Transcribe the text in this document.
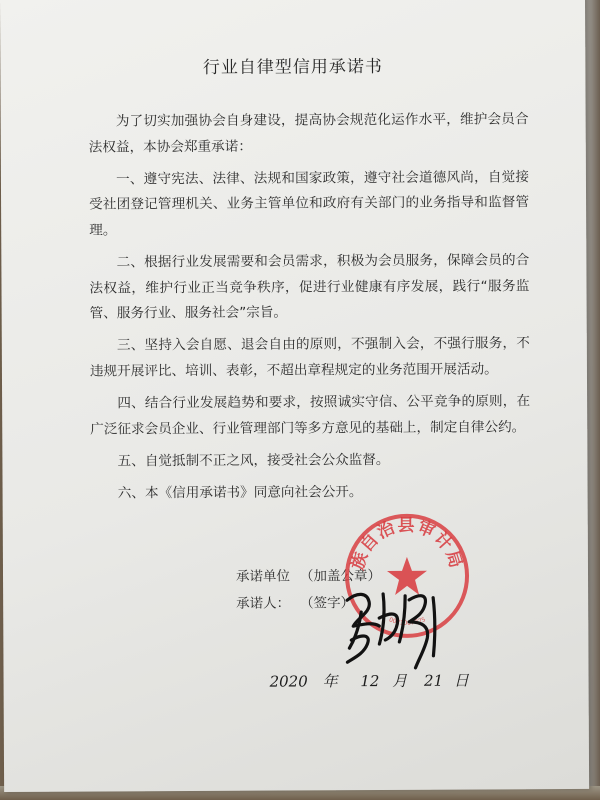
行业自律型信用承诺书

为了切实加强协会自身建设，提高协会规范化运作水平，维护会员合法权益，本协会郑重承诺：

一、遵守宪法、法律、法规和国家政策，遵守社会道德风尚，自觉接受社团登记管理机关、业务主管单位和政府有关部门的业务指导和监督管理。

二、根据行业发展需要和会员需求，积极为会员服务，保障会员的合法权益，维护行业正当竞争秩序，促进行业健康有序发展，践行“服务监管、服务行业、服务社会”宗旨。

三、坚持入会自愿、退会自由的原则，不强制入会，不强行服务，不违规开展评比、培训、表彰，不超出章程规定的业务范围开展活动。

四、结合行业发展趋势和要求，按照诚实守信、公平竞争的原则，在广泛征求会员企业、行业管理部门等多方意见的基础上，制定自律公约。

五、自觉抵制不正之风，接受社会公众监督。

六、本《信用承诺书》同意向社会公开。

承诺单位 （加盖公章）
承诺人： （签字）
族自治县审计局
0021007875
2020 年 12 月 21 日
